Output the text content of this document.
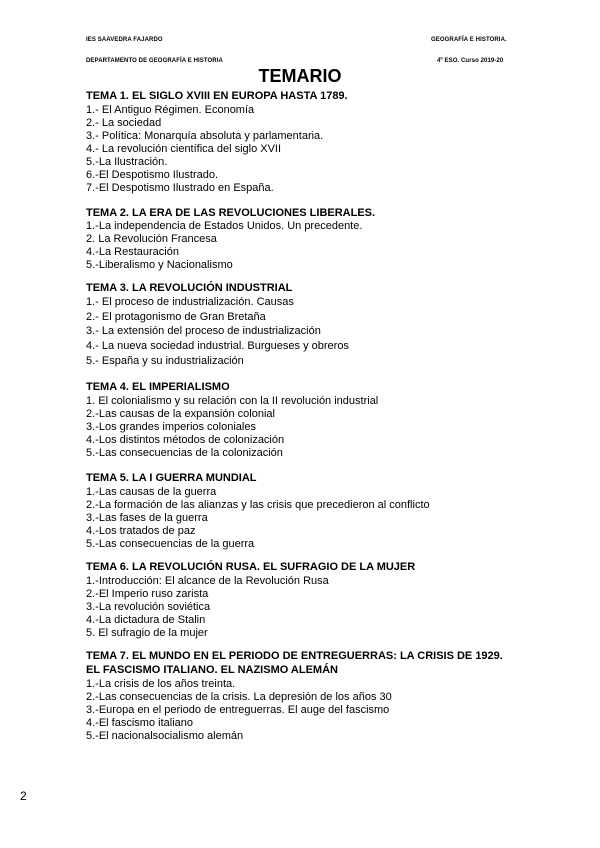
IES SAAVEDRA FAJARDO	GEOGRAFÍA E HISTORIA.
DEPARTAMENTO DE GEOGRAFÍA E HISTORIA	4º ESO. Curso 2019-20
TEMARIO
TEMA 1. EL SIGLO XVIII EN EUROPA HASTA 1789.
1.- El Antiguo Régimen. Economía
2.- La sociedad
3.- Política: Monarquía absoluta y parlamentaria.
4.- La revolución científica del siglo XVII
5.-La Ilustración.
6.-El Despotismo Ilustrado.
7.-El Despotismo Ilustrado en España.
TEMA 2. LA ERA DE LAS REVOLUCIONES LIBERALES.
1.-La independencia de Estados Unidos. Un precedente.
2. La Revolución Francesa
4.-La Restauración
5.-Liberalismo y Nacionalismo
TEMA 3. LA REVOLUCIÓN INDUSTRIAL
1.- El proceso de industrialización. Causas
2.- El protagonismo de Gran Bretaña
3.- La extensión del proceso de industrialización
4.- La nueva sociedad industrial. Burgueses y obreros
5.- España y su industrialización
TEMA 4. EL IMPERIALISMO
1. El colonialismo y su relación con la II revolución industrial
2.-Las causas de la expansión colonial
3.-Los grandes imperios coloniales
4.-Los distintos métodos de colonización
5.-Las consecuencias de la colonización
TEMA 5. LA I GUERRA MUNDIAL
1.-Las causas de la guerra
2.-La formación de las alianzas y las crisis que precedieron al conflicto
3.-Las fases de la guerra
4.-Los tratados de paz
5.-Las consecuencias de la guerra
TEMA 6. LA REVOLUCIÓN RUSA. EL SUFRAGIO DE LA MUJER
1.-Introducción: El alcance de la Revolución Rusa
2.-El Imperio ruso zarista
3.-La revolución soviética
4.-La dictadura de Stalin
5. El sufragio de la mujer
TEMA 7. EL MUNDO EN EL PERIODO DE ENTREGUERRAS: LA CRISIS DE 1929.
EL FASCISMO ITALIANO. EL NAZISMO ALEMÁN
1.-La crisis de los años treinta.
2.-Las consecuencias de la crisis. La depresión de los años 30
3.-Europa en el periodo de entreguerras. El auge del fascismo
4.-El fascismo italiano
5.-El nacionalsocialismo alemán
2
